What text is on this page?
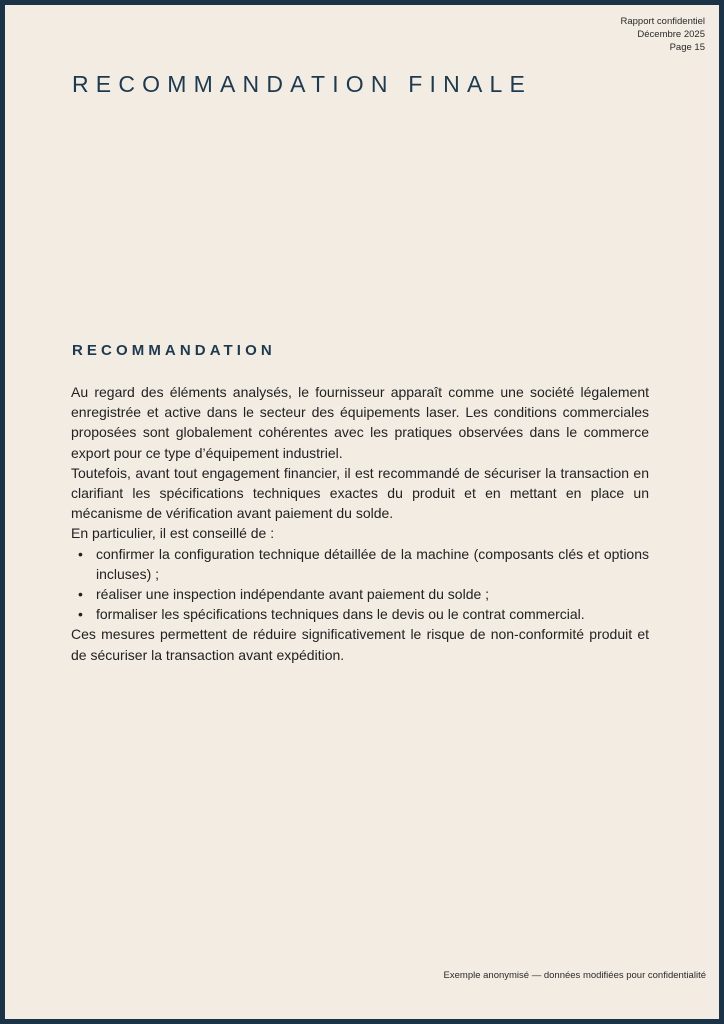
Rapport confidentiel
Décembre 2025
Page 15
RECOMMANDATION FINALE
RECOMMANDATION

Au regard des éléments analysés, le fournisseur apparaît comme une société légalement enregistrée et active dans le secteur des équipements laser. Les conditions commerciales proposées sont globalement cohérentes avec les pratiques observées dans le commerce export pour ce type d’équipement industriel.

Toutefois, avant tout engagement financier, il est recommandé de sécuriser la transaction en clarifiant les spécifications techniques exactes du produit et en mettant en place un mécanisme de vérification avant paiement du solde.

En particulier, il est conseillé de :

• confirmer la configuration technique détaillée de la machine (composants clés et options incluses) ;
• réaliser une inspection indépendante avant paiement du solde ;
• formaliser les spécifications techniques dans le devis ou le contrat commercial.

Ces mesures permettent de réduire significativement le risque de non-conformité produit et de sécuriser la transaction avant expédition.

Exemple anonymisé — données modifiées pour confidentialité
